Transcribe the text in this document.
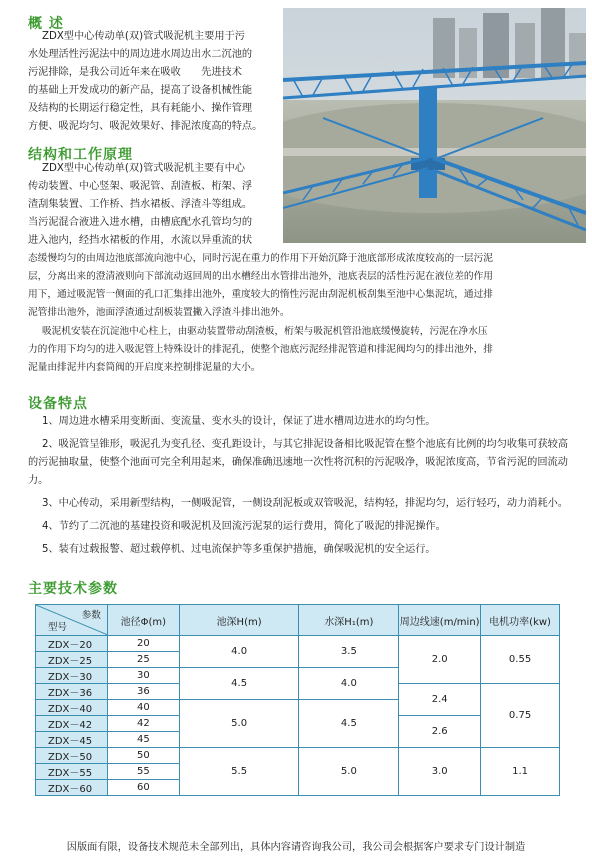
概 述

ZDX型中心传动单(双)管式吸泥机主要用于污

水处理活性污泥法中的周边进水周边出水二沉池的

污泥排除，是我公司近年来在吸收　　先进技术

的基础上开发成功的新产品，提高了设备机械性能

及结构的长期运行稳定性，具有耗能小、操作管理

方便、吸泥均匀、吸泥效果好、排泥浓度高的特点。

结构和工作原理

ZDX型中心传动单(双)管式吸泥机主要有中心

传动装置、中心竖架、吸泥管、刮渣板、桁架、浮

渣刮集装置、工作桥、挡水裙板、浮渣斗等组成。

当污泥混合液进入进水槽，由槽底配水孔管均匀的

进入池内，经挡水裙板的作用，水流以异重流的状

态缓慢均匀的由周边池底部流向池中心，同时污泥在重力的作用下开始沉降于池底部形成浓度较高的一层污泥

层，分离出来的澄清液则向下部流动返回周的出水槽经出水管排出池外，池底表层的活性污泥在液位差的作用

用下，通过吸泥管一侧面的孔口汇集排出池外，重度较大的惰性污泥由刮泥机板刮集至池中心集泥坑，通过排

泥管排出池外，池面浮渣通过刮板装置撇入浮渣斗排出池外。

吸泥机安装在沉淀池中心柱上，由驱动装置带动刮渣板，桁架与吸泥机管沿池底缓慢旋转，污泥在净水压

力的作用下均匀的进入吸泥管上特殊设计的排泥孔，使整个池底污泥经排泥管道和排泥阀均匀的排出池外，排

泥量由排泥井内套筒阀的开启度来控制排泥量的大小。

设备特点

1、周边进水槽采用变断面、变流量、变水头的设计，保证了进水槽周边进水的均匀性。

2、吸泥管呈锥形，吸泥孔为变孔径、变孔距设计，与其它排泥设备相比吸泥管在整个池底有比例的均匀收集可获较高的污泥抽取量，使整个池面可完全利用起来，确保准确迅速地一次性将沉积的污泥吸净，吸泥浓度高，节省污泥的回流动力。

3、中心传动，采用新型结构，一侧吸泥管，一侧设刮泥板或双管吸泥，结构轻，排泥均匀，运行轻巧，动力消耗小。

4、节约了二沉池的基建投资和吸泥机及回流污泥泵的运行费用，简化了吸泥的排泥操作。

5、装有过载报警、超过载停机、过电流保护等多重保护措施，确保吸泥机的安全运行。

主要技术参数
参数
型号	池径Φ(m)	池深H(m)	水深H₁(m)	周边线速(m/min)	电机功率(kw)
ZDX－20	20	4.0	3.5	2.0	0.55
ZDX－25	25				
ZDX－30	30	4.5	4.0		
ZDX－36	36			2.4	0.75
ZDX－40	40	5.0	4.5		
ZDX－42	42			2.6	
ZDX－45	45				
ZDX－50	50	5.5	5.0	3.0	1.1
ZDX－55	55				
ZDX－60	60				
因版面有限，设备技术规范未全部列出，具体内容请咨询我公司，我公司会根据客户要求专门设计制造
